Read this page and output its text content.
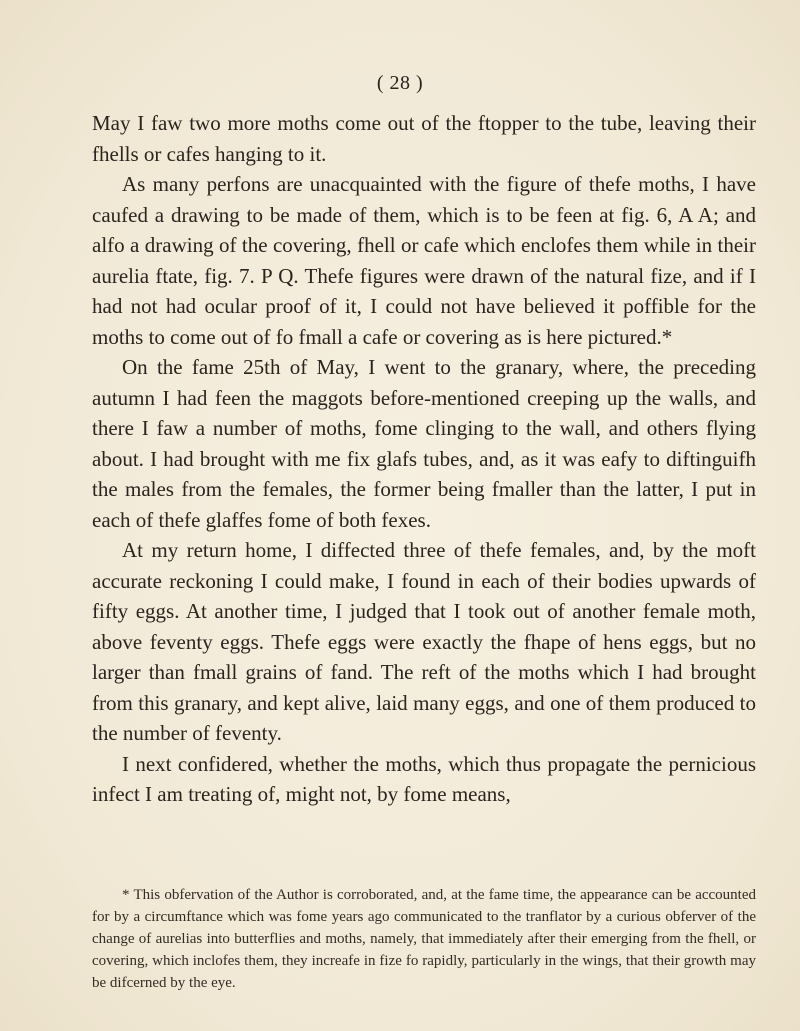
( 28 )

May I faw two more moths come out of the ftopper to the tube, leaving their fhells or cafes hanging to it.

As many perfons are unacquainted with the figure of thefe moths, I have caufed a drawing to be made of them, which is to be feen at fig. 6, A A; and alfo a drawing of the covering, fhell or cafe which enclofes them while in their aurelia ftate, fig. 7. P Q. Thefe figures were drawn of the natural fize, and if I had not had ocular proof of it, I could not have believed it poffible for the moths to come out of fo fmall a cafe or covering as is here pictured.*

On the fame 25th of May, I went to the granary, where, the preceding autumn I had feen the maggots before-mentioned creeping up the walls, and there I faw a number of moths, fome clinging to the wall, and others flying about. I had brought with me fix glafs tubes, and, as it was eafy to diftinguifh the males from the females, the former being fmaller than the latter, I put in each of thefe glaffes fome of both fexes.

At my return home, I diffected three of thefe females, and, by the moft accurate reckoning I could make, I found in each of their bodies upwards of fifty eggs. At another time, I judged that I took out of another female moth, above feventy eggs. Thefe eggs were exactly the fhape of hens eggs, but no larger than fmall grains of fand. The reft of the moths which I had brought from this granary, and kept alive, laid many eggs, and one of them produced to the number of feventy.

I next confidered, whether the moths, which thus propagate the pernicious infect I am treating of, might not, by fome means,

* This obfervation of the Author is corroborated, and, at the fame time, the appearance can be accounted for by a circumftance which was fome years ago communicated to the tranflator by a curious obferver of the change of aurelias into butterflies and moths, namely, that immediately after their emerging from the fhell, or covering, which inclofes them, they increafe in fize fo rapidly, particularly in the wings, that their growth may be difcerned by the eye.
